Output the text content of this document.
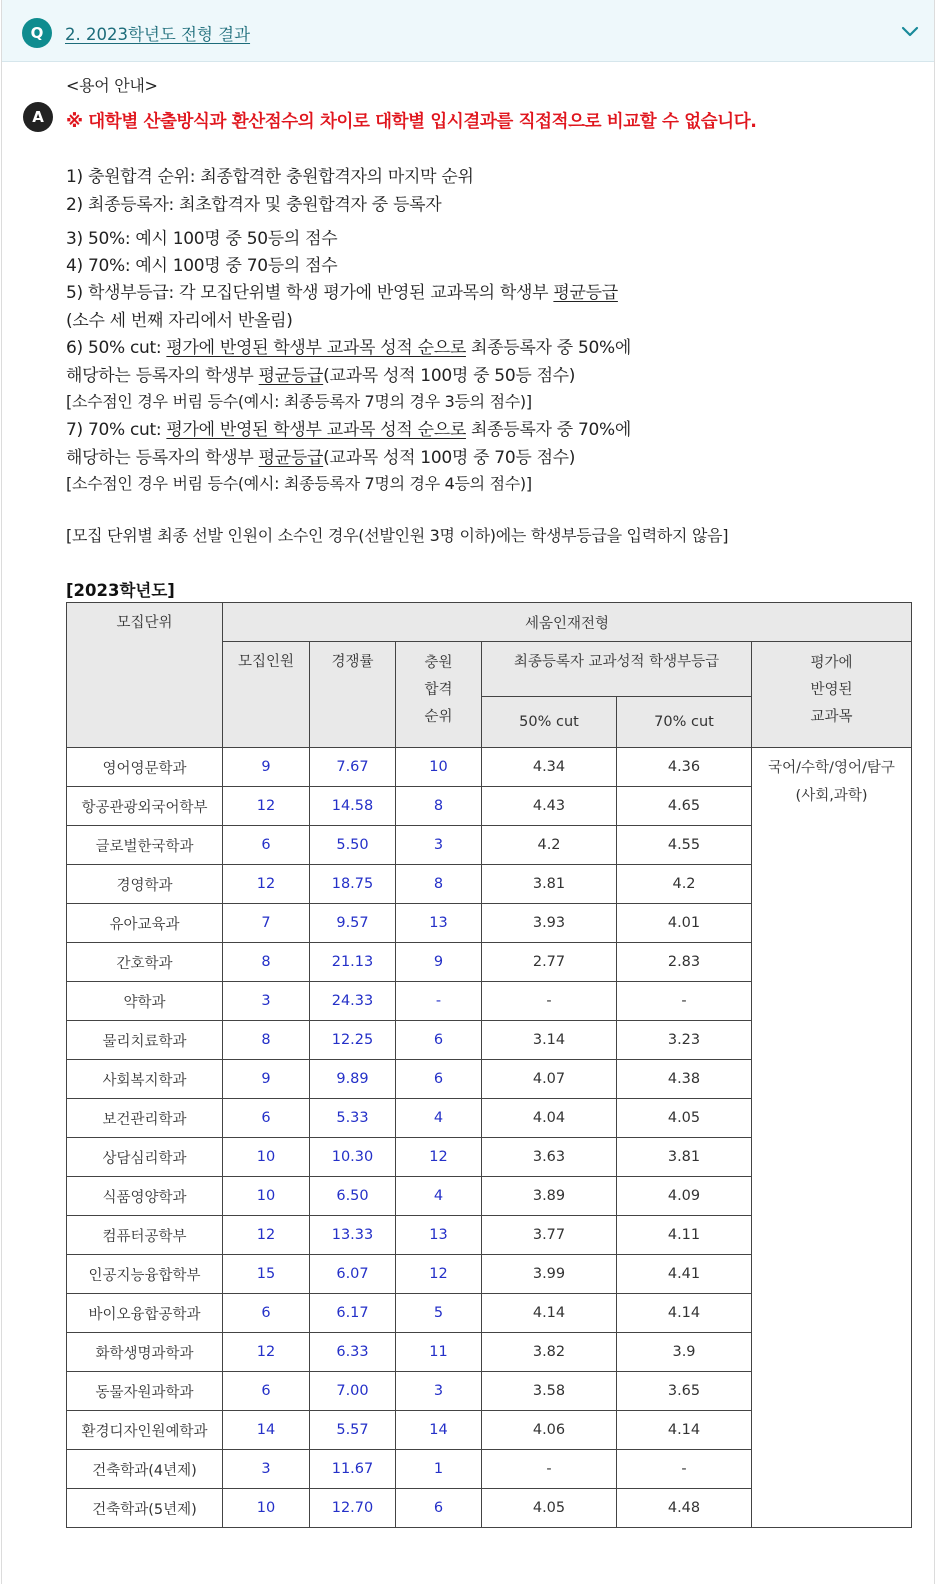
Q	2. 2023학년도 전형 결과
<용어 안내>
A	※ 대학별 산출방식과 환산점수의 차이로 대학별 입시결과를 직접적으로 비교할 수 없습니다.
1) 충원합격 순위: 최종합격한 충원합격자의 마지막 순위
2) 최종등록자: 최초합격자 및 충원합격자 중 등록자
3) 50%: 예시 100명 중 50등의 점수
4) 70%: 예시 100명 중 70등의 점수
5) 학생부등급: 각 모집단위별 학생 평가에 반영된 교과목의 학생부 평균등급
(소수 세 번째 자리에서 반올림)
6) 50% cut: 평가에 반영된 학생부 교과목 성적 순으로 최종등록자 중 50%에
해당하는 등록자의 학생부 평균등급(교과목 성적 100명 중 50등 점수)
[소수점인 경우 버림 등수(예시: 최종등록자 7명의 경우 3등의 점수)]
7) 70% cut: 평가에 반영된 학생부 교과목 성적 순으로 최종등록자 중 70%에
해당하는 등록자의 학생부 평균등급(교과목 성적 100명 중 70등 점수)
[소수점인 경우 버림 등수(예시: 최종등록자 7명의 경우 4등의 점수)]
[모집 단위별 최종 선발 인원이 소수인 경우(선발인원 3명 이하)에는 학생부등급을 입력하지 않음]
[2023학년도]
모집단위	세움인재전형					
	모집인원	경쟁률	충원
합격
순위	최종등록자 교과성적 학생부등급		평가에
반영된
교과목
				50% cut	70% cut	
영어영문학과	9	7.67	10	4.34	4.36	국어/수학/영어/탐구
(사회,과학)
항공관광외국어학부	12	14.58	8	4.43	4.65	
글로벌한국학과	6	5.50	3	4.2	4.55	
경영학과	12	18.75	8	3.81	4.2	
유아교육과	7	9.57	13	3.93	4.01	
간호학과	8	21.13	9	2.77	2.83	
약학과	3	24.33	-	-	-	
물리치료학과	8	12.25	6	3.14	3.23	
사회복지학과	9	9.89	6	4.07	4.38	
보건관리학과	6	5.33	4	4.04	4.05	
상담심리학과	10	10.30	12	3.63	3.81	
식품영양학과	10	6.50	4	3.89	4.09	
컴퓨터공학부	12	13.33	13	3.77	4.11	
인공지능융합학부	15	6.07	12	3.99	4.41	
바이오융합공학과	6	6.17	5	4.14	4.14	
화학생명과학과	12	6.33	11	3.82	3.9	
동물자원과학과	6	7.00	3	3.58	3.65	
환경디자인원예학과	14	5.57	14	4.06	4.14	
건축학과(4년제)	3	11.67	1	-	-	
건축학과(5년제)	10	12.70	6	4.05	4.48	
